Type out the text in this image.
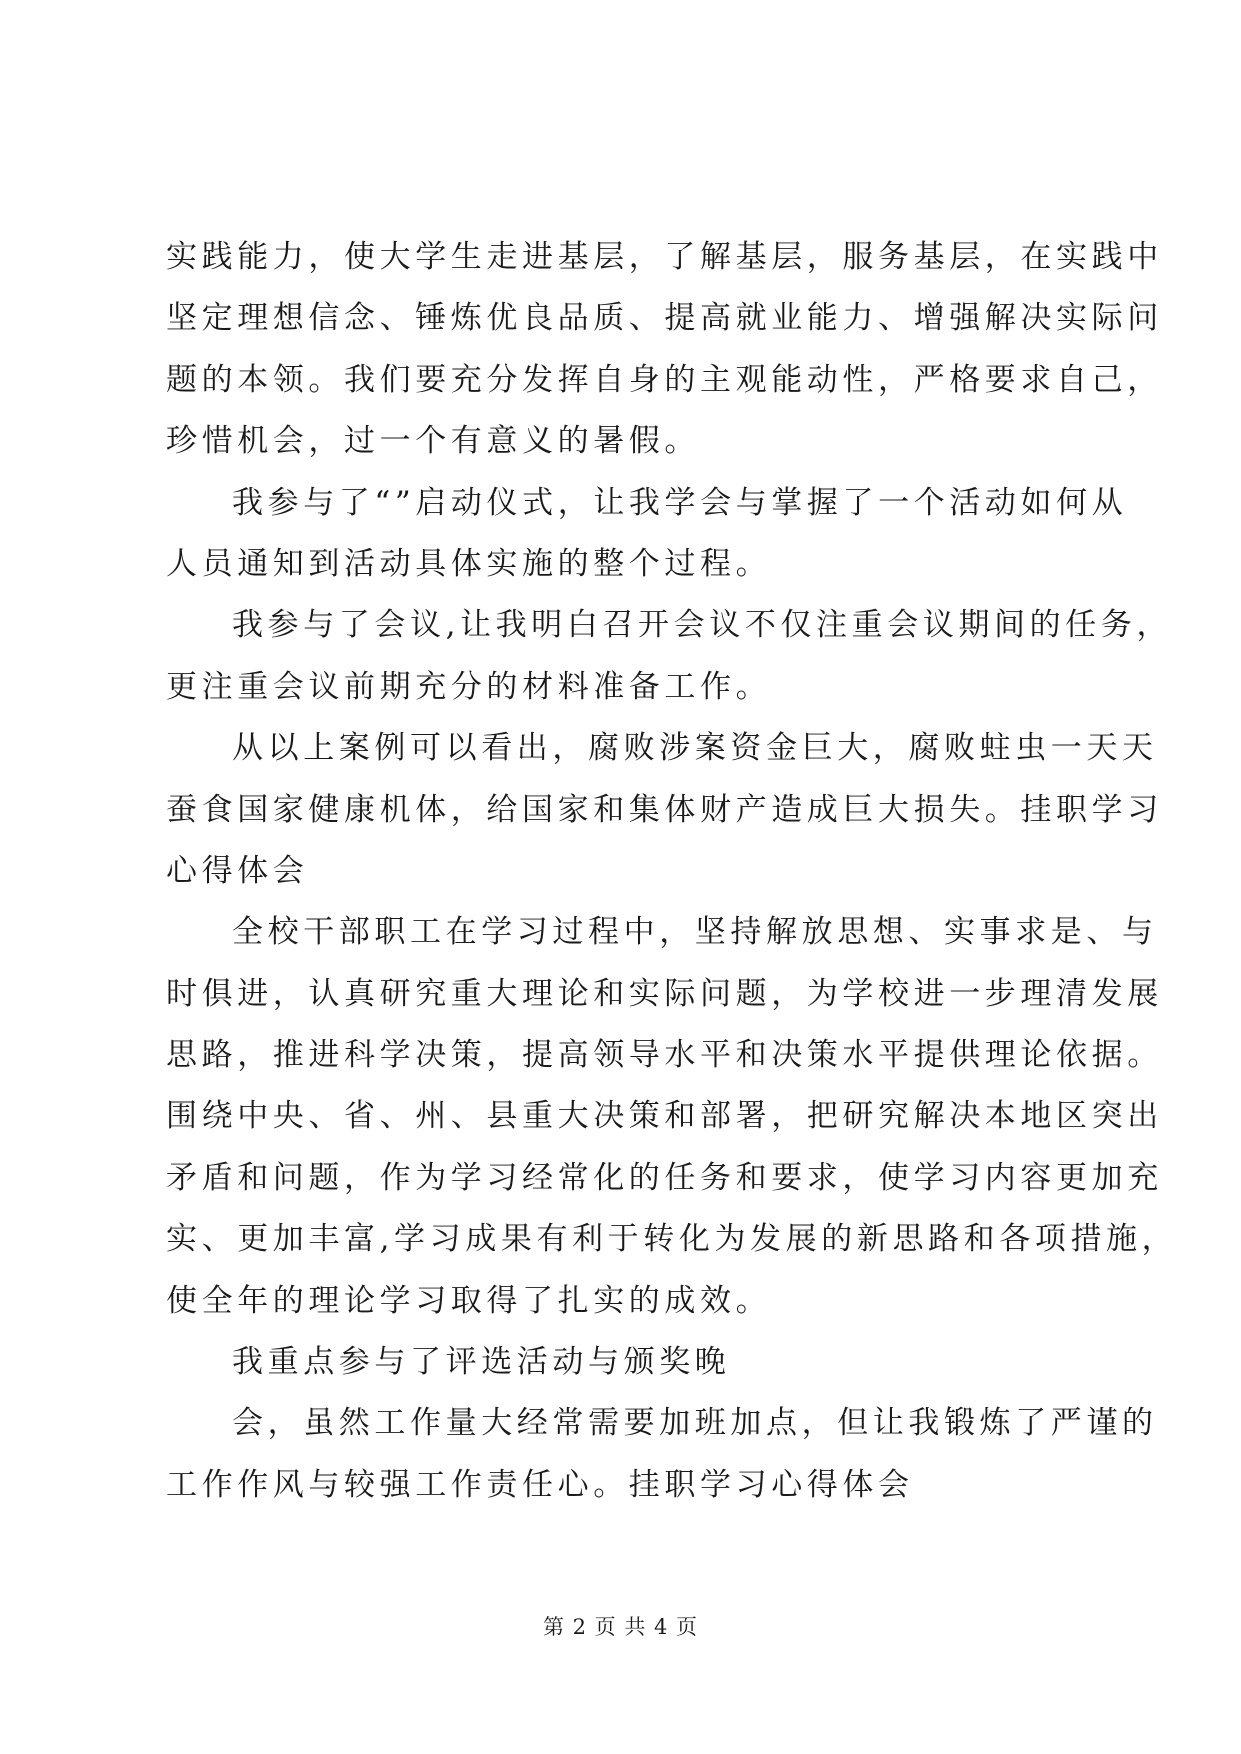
实践能力，使大学生走进基层，了解基层，服务基层，在实践中
坚定理想信念、锤炼优良品质、提高就业能力、增强解决实际问
题的本领。我们要充分发挥自身的主观能动性，严格要求自己，
珍惜机会，过一个有意义的暑假。
我参与了“”启动仪式，让我学会与掌握了一个活动如何从
人员通知到活动具体实施的整个过程。
我参与了会议,让我明白召开会议不仅注重会议期间的任务，
更注重会议前期充分的材料准备工作。
从以上案例可以看出，腐败涉案资金巨大，腐败蛀虫一天天
蚕食国家健康机体，给国家和集体财产造成巨大损失。挂职学习
心得体会
全校干部职工在学习过程中，坚持解放思想、实事求是、与
时俱进，认真研究重大理论和实际问题，为学校进一步理清发展
思路，推进科学决策，提高领导水平和决策水平提供理论依据。
围绕中央、省、州、县重大决策和部署，把研究解决本地区突出
矛盾和问题，作为学习经常化的任务和要求，使学习内容更加充
实、更加丰富,学习成果有利于转化为发展的新思路和各项措施，
使全年的理论学习取得了扎实的成效。
我重点参与了评选活动与颁奖晚
会，虽然工作量大经常需要加班加点，但让我锻炼了严谨的
工作作风与较强工作责任心。挂职学习心得体会
第 2 页 共 4 页
